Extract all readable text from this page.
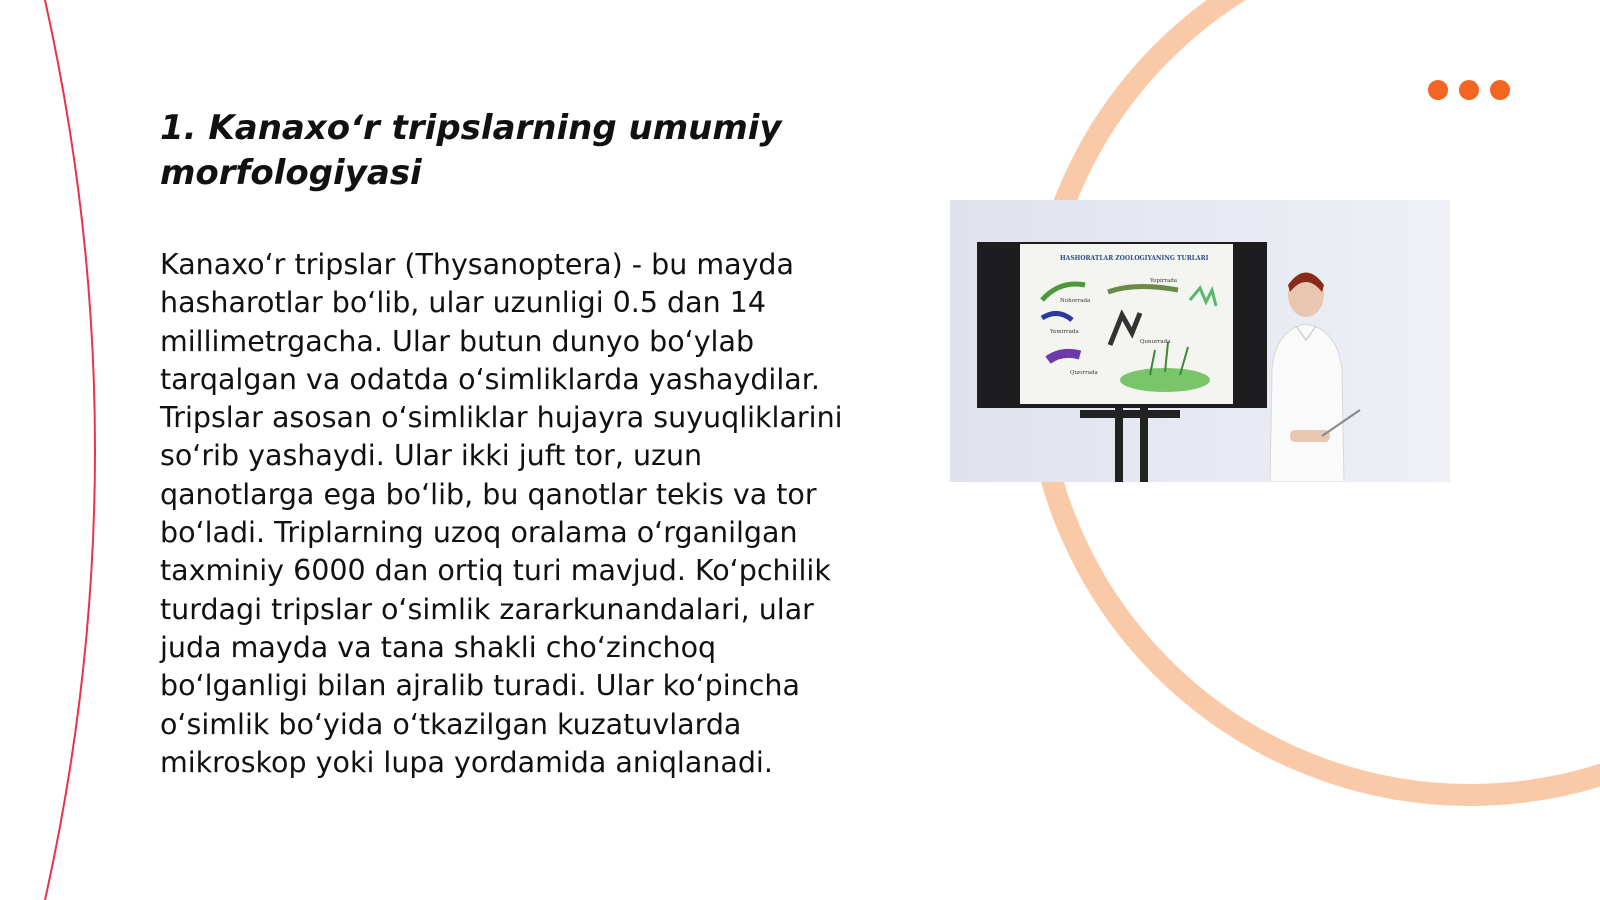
1. Kanaxo‘r tripslarning umumiy morfologiyasi

Kanaxo‘r tripslar (Thysanoptera) - bu mayda hasharotlar bo‘lib, ular uzunligi 0.5 dan 14 millimetrgacha. Ular butun dunyo bo‘ylab tarqalgan va odatda o‘simliklarda yashaydilar. Tripslar asosan o‘simliklar hujayra suyuqliklarini so‘rib yashaydi. Ular ikki juft tor, uzun qanotlarga ega bo‘lib, bu qanotlar tekis va tor bo‘ladi. Triplarning uzoq oralama o‘rganilgan taxminiy 6000 dan ortiq turi mavjud. Ko‘pchilik turdagi tripslar o‘simlik zararkunandalari, ular juda mayda va tana shakli cho‘zinchoq bo‘lganligi bilan ajralib turadi. Ular ko‘pincha o‘simlik bo‘yida o‘tkazilgan kuzatuvlarda mikroskop yoki lupa yordamida aniqlanadi.

HASHORATLAR ZOOLOGIYANING TURLARI
Nohorrada
Yopirrada
Yemirrada
Qunurrada
Qizorrada
